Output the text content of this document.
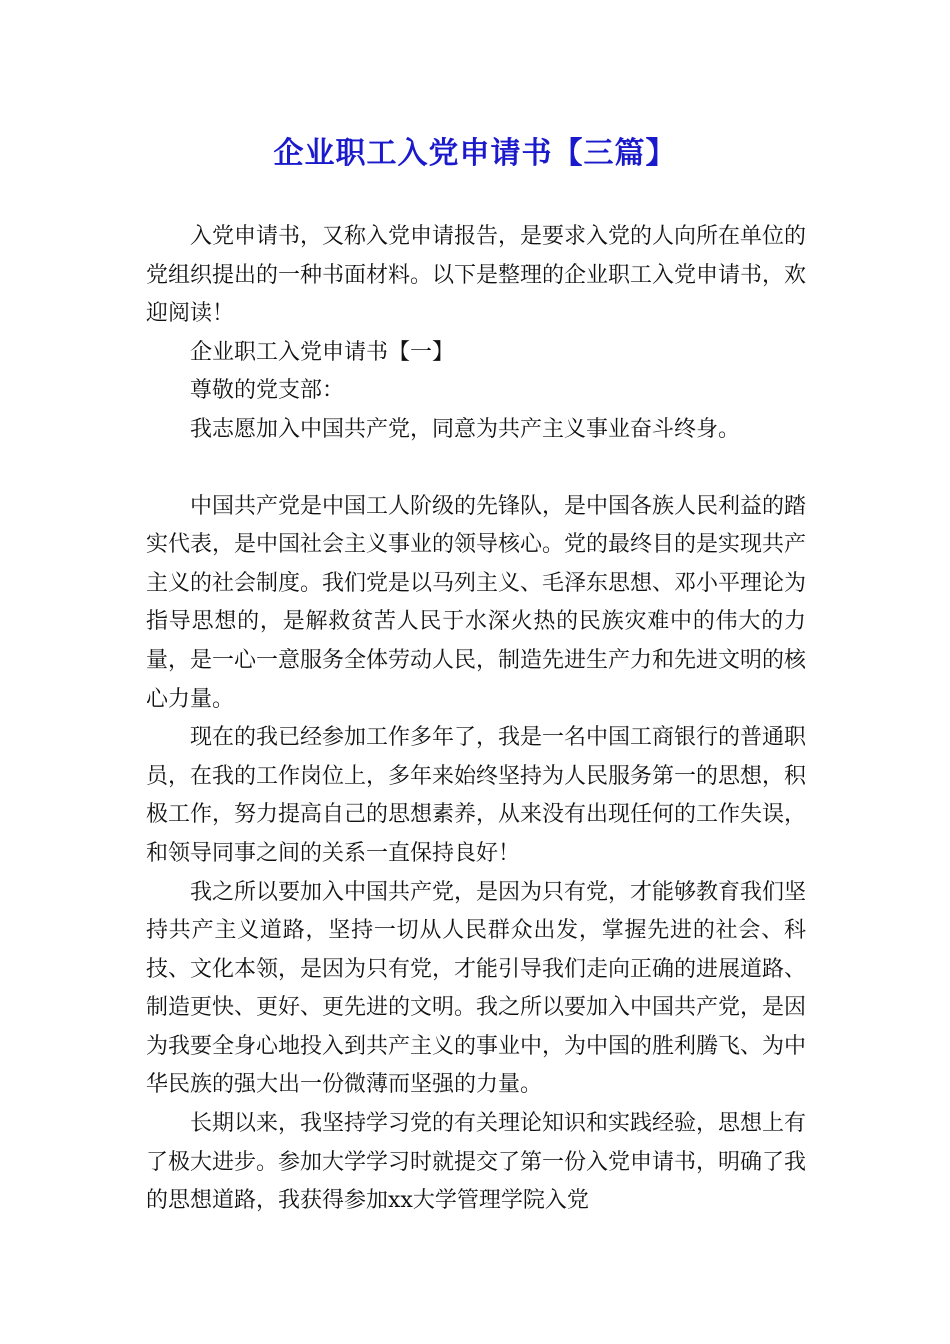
企业职工入党申请书【三篇】

入党申请书，又称入党申请报告，是要求入党的人向所在单位的党组织提出的一种书面材料。以下是整理的企业职工入党申请书，欢迎阅读！

企业职工入党申请书【一】

尊敬的党支部：

我志愿加入中国共产党，同意为共产主义事业奋斗终身。

中国共产党是中国工人阶级的先锋队，是中国各族人民利益的踏实代表，是中国社会主义事业的领导核心。党的最终目的是实现共产主义的社会制度。我们党是以马列主义、毛泽东思想、邓小平理论为指导思想的，是解救贫苦人民于水深火热的民族灾难中的伟大的力量，是一心一意服务全体劳动人民，制造先进生产力和先进文明的核心力量。

现在的我已经参加工作多年了，我是一名中国工商银行的普通职员，在我的工作岗位上，多年来始终坚持为人民服务第一的思想，积极工作，努力提高自己的思想素养，从来没有出现任何的工作失误，和领导同事之间的关系一直保持良好！

我之所以要加入中国共产党，是因为只有党，才能够教育我们坚持共产主义道路，坚持一切从人民群众出发，掌握先进的社会、科技、文化本领，是因为只有党，才能引导我们走向正确的进展道路、制造更快、更好、更先进的文明。我之所以要加入中国共产党，是因为我要全身心地投入到共产主义的事业中，为中国的胜利腾飞、为中华民族的强大出一份微薄而坚强的力量。

长期以来，我坚持学习党的有关理论知识和实践经验，思想上有了极大进步。参加大学学习时就提交了第一份入党申请书，明确了我的思想道路，我获得参加xx大学管理学院入党
